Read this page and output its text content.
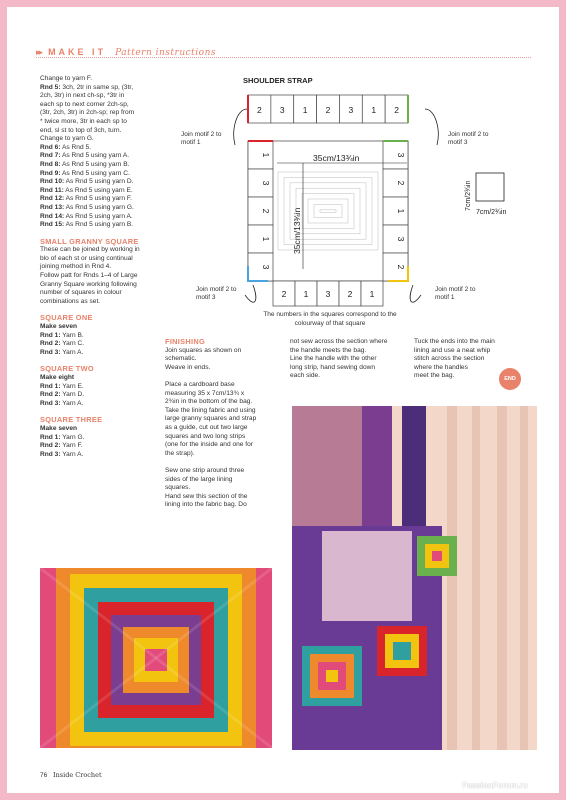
▸▸ MAKE IT Pattern instructions

Change to yarn F.

Rnd 5: 3ch, 2tr in same sp, (3tr,

2ch, 3tr) in next ch-sp, *3tr in

each sp to next corner 2ch-sp,

(3tr, 2ch, 3tr) in 2ch-sp; rep from

* twice more, 3tr in each sp to

end, sl st to top of 3ch, turn.

Change to yarn G.

Rnd 6: As Rnd 5.

Rnd 7: As Rnd 5 using yarn A.

Rnd 8: As Rnd 5 using yarn B.

Rnd 9: As Rnd 5 using yarn C.

Rnd 10: As Rnd 5 using yarn D.

Rnd 11: As Rnd 5 using yarn E.

Rnd 12: As Rnd 5 using yarn F.

Rnd 13: As Rnd 5 using yarn G.

Rnd 14: As Rnd 5 using yarn A.

Rnd 15: As Rnd 5 using yarn B.

SMALL GRANNY SQUARE

These can be joined by working in

blo of each st or using continual

joining method in Rnd 4.

Follow patt for Rnds 1–4 of Large

Granny Square working following

number of squares in colour

combinations as set.

SQUARE ONE

Make seven

Rnd 1: Yarn B.

Rnd 2: Yarn C.

Rnd 3: Yarn A.

SQUARE TWO

Make eight

Rnd 1: Yarn E.

Rnd 2: Yarn D.

Rnd 3: Yarn A.

SQUARE THREE

Make seven

Rnd 1: Yarn G.

Rnd 2: Yarn F.

Rnd 3: Yarn A.

SHOULDER STRAP
2 3 1 2 3 1 2
1
3
2
1
3
3
2
1
3
2
2 1 3 2 1
35cm/13¾in
35cm/13¾in
7cm/2¾in
7cm/2¾in
Join motif 2 to motif 1
Join motif 2 to motif 3
Join motif 2 to motif 3
Join motif 2 to motif 1
The numbers in the squares correspond to the colourway of that square

FINISHING

Join squares as shown on

schematic.

Weave in ends.

Place a cardboard base

measuring 35 x 7cm/13¾ x

2¾in in the bottom of the bag.

Take the lining fabric and using

large granny squares and strap

as a guide, cut out two large

squares and two long strips

(one for the inside and one for

the strap).

Sew one strip around three

sides of the large lining

squares.

Hand sew this section of the

lining into the fabric bag. Do

not sew across the section where

the handle meets the bag.

Line the handle with the other

long strip, hand sewing down

each side.

Tuck the ends into the main

lining and use a neat whip

stitch across the section

where the handles

meet the bag.	END
76 Inside Crochet
PassionForum.ru
